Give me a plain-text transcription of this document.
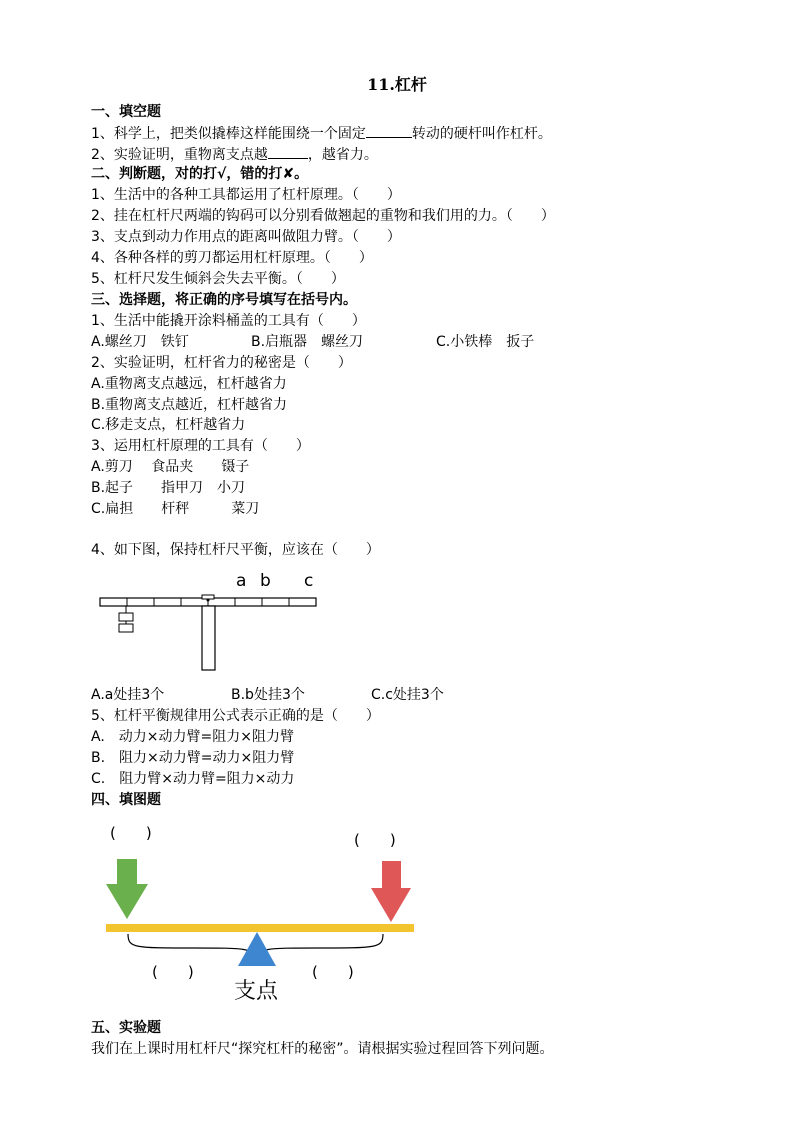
11.杠杆
一、填空题
1、科学上，把类似撬棒这样能围绕一个固定	转动的硬杆叫作杠杆。
2、实验证明，重物离支点越	，越省力。
二、判断题，对的打√，错的打✘。
1、生活中的各种工具都运用了杠杆原理。（　　）
2、挂在杠杆尺两端的钩码可以分别看做翘起的重物和我们用的力。（　　）
3、支点到动力作用点的距离叫做阻力臂。（　　）
4、各种各样的剪刀都运用杠杆原理。（　　）
5、杠杆尺发生倾斜会失去平衡。（　　）
三、选择题，将正确的序号填写在括号内。
1、生活中能撬开涂料桶盖的工具有（　　）
A.螺丝刀　铁钉	B.启瓶器　螺丝刀	C.小铁棒　扳子
2、实验证明，杠杆省力的秘密是（　　）
A.重物离支点越远，杠杆越省力
B.重物离支点越近，杠杆越省力
C.移走支点，杠杆越省力
3、运用杠杆原理的工具有（　　）
A.剪刀　 食品夹　　镊子
B.起子　　指甲刀　小刀
C.扁担　　杆秤　　　菜刀
4、如下图，保持杠杆尺平衡，应该在（　　）
a b c
A.a处挂3个	B.b处挂3个	C.c处挂3个
5、杠杆平衡规律用公式表示正确的是（　　）
A.　动力×动力臂=阻力×阻力臂
B.　阻力×动力臂=动力×阻力臂
C.　阻力臂×动力臂=阻力×动力
四、填图题
(　　)	(　　)
(　　)	(　　)
支点
五、实验题
我们在上课时用杠杆尺“探究杠杆的秘密”。请根据实验过程回答下列问题。
